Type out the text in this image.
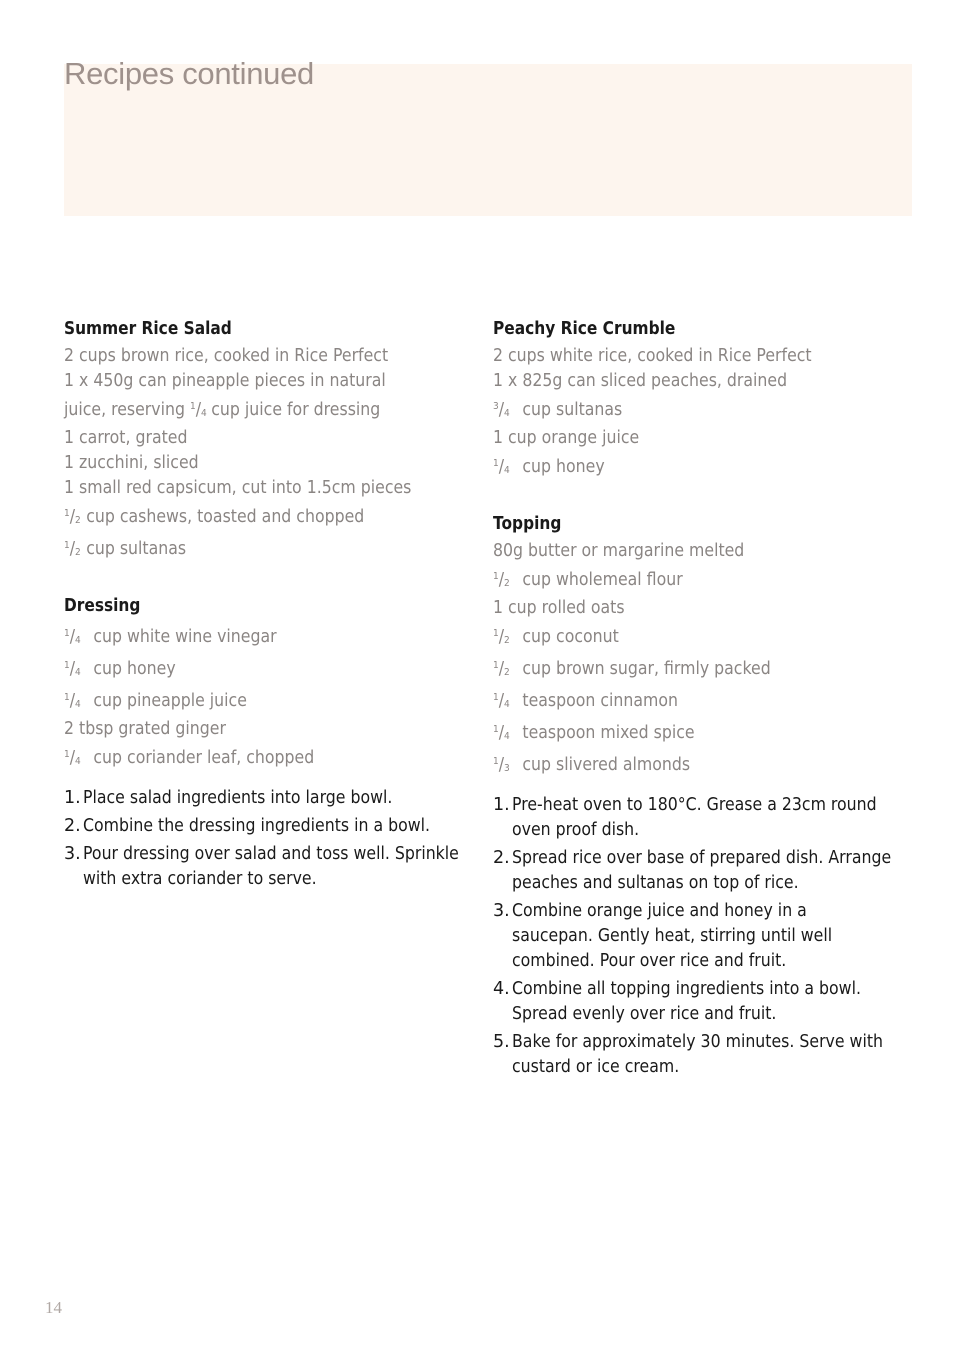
Recipes continued
Summer Rice Salad
2 cups brown rice, cooked in Rice Perfect
1 x 450g can pineapple pieces in natural
juice, reserving 1/4 cup juice for dressing
1 carrot, grated
1 zucchini, sliced
1 small red capsicum, cut into 1.5cm pieces
1/2 cup cashews, toasted and chopped
1/2 cup sultanas
Dressing
1/4 cup white wine vinegar
1/4 cup honey
1/4 cup pineapple juice
2 tbsp grated ginger
1/4 cup coriander leaf, chopped
1. Place salad ingredients into large bowl.
2. Combine the dressing ingredients in a bowl.
3. Pour dressing over salad and toss well. Sprinkle with extra coriander to serve.
Peachy Rice Crumble
2 cups white rice, cooked in Rice Perfect
1 x 825g can sliced peaches, drained
3/4 cup sultanas
1 cup orange juice
1/4 cup honey
Topping
80g butter or margarine melted
1/2 cup wholemeal flour
1 cup rolled oats
1/2 cup coconut
1/2 cup brown sugar, firmly packed
1/4 teaspoon cinnamon
1/4 teaspoon mixed spice
1/3 cup slivered almonds
1. Pre-heat oven to 180°C. Grease a 23cm round oven proof dish.
2. Spread rice over base of prepared dish. Arrange peaches and sultanas on top of rice.
3. Combine orange juice and honey in a saucepan. Gently heat, stirring until well combined. Pour over rice and fruit.
4. Combine all topping ingredients into a bowl. Spread evenly over rice and fruit.
5. Bake for approximately 30 minutes. Serve with custard or ice cream.
14
